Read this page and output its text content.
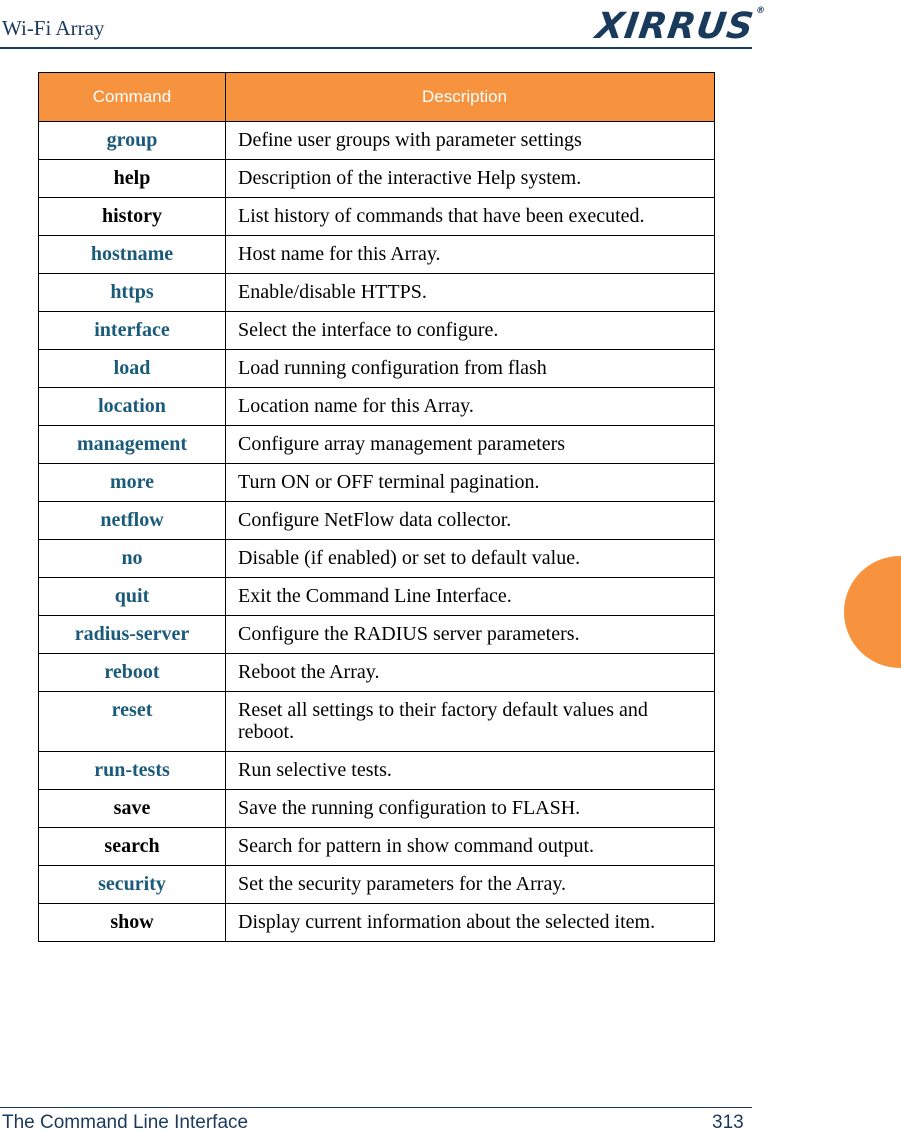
Wi-Fi Array	XIRRUS®
Command	Description
group	Define user groups with parameter settings
help	Description of the interactive Help system.
history	List history of commands that have been executed.
hostname	Host name for this Array.
https	Enable/disable HTTPS.
interface	Select the interface to configure.
load	Load running configuration from flash
location	Location name for this Array.
management	Configure array management parameters
more	Turn ON or OFF terminal pagination.
netflow	Configure NetFlow data collector.
no	Disable (if enabled) or set to default value.
quit	Exit the Command Line Interface.
radius-server	Configure the RADIUS server parameters.
reboot	Reboot the Array.
reset	Reset all settings to their factory default values and reboot.
run-tests	Run selective tests.
save	Save the running configuration to FLASH.
search	Search for pattern in show command output.
security	Set the security parameters for the Array.
show	Display current information about the selected item.
The Command Line Interface	313
